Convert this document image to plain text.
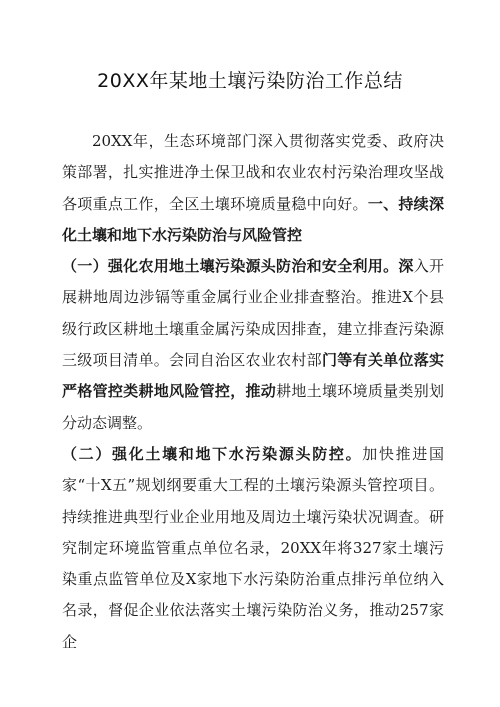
20XX年某地土壤污染防治工作总结

20XX年，生态环境部门深入贯彻落实党委、政府决策部署，扎实推进净土保卫战和农业农村污染治理攻坚战各项重点工作，全区土壤环境质量稳中向好。一、持续深化土壤和地下水污染防治与风险管控

（一）强化农用地土壤污染源头防治和安全利用。深入开展耕地周边涉镉等重金属行业企业排查整治。推进X个县级行政区耕地土壤重金属污染成因排查，建立排查污染源三级项目清单。会同自治区农业农村部门等有关单位落实严格管控类耕地风险管控，推动耕地土壤环境质量类别划分动态调整。

（二）强化土壤和地下水污染源头防控。加快推进国家“十X五”规划纲要重大工程的土壤污染源头管控项目。持续推进典型行业企业用地及周边土壤污染状况调查。研究制定环境监管重点单位名录，20XX年将327家土壤污染重点监管单位及X家地下水污染防治重点排污单位纳入名录，督促企业依法落实土壤污染防治义务，推动257家企
